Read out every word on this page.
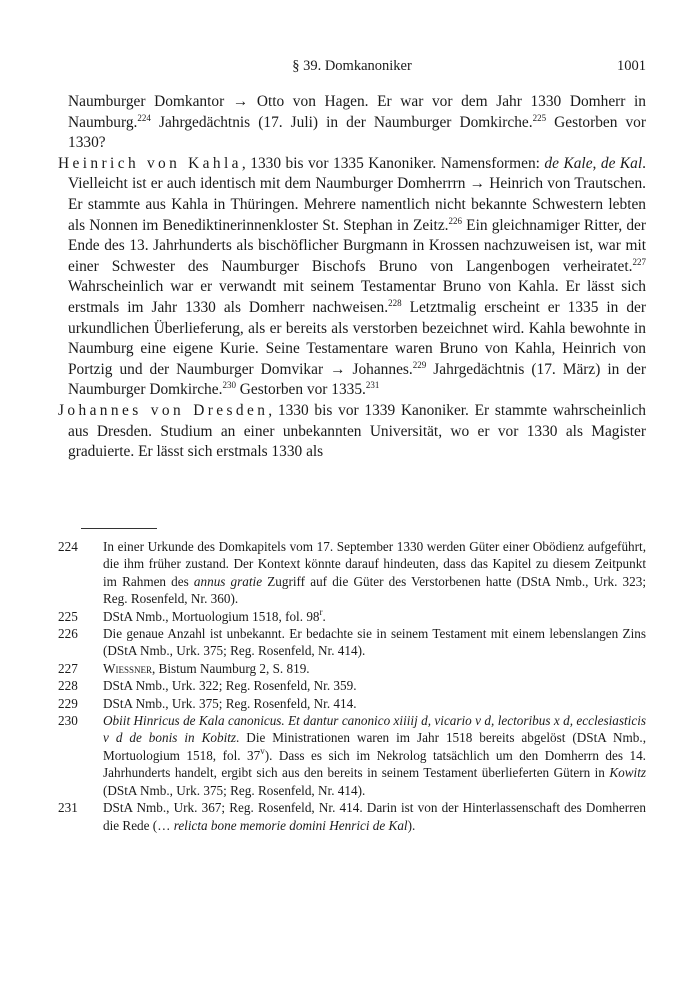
§ 39. Domkanoniker	1001

Naumburger Domkantor → Otto von Hagen. Er war vor dem Jahr 1330 Domherr in Naumburg.$^{224}$ Jahrgedächtnis (17. Juli) in der Naumburger Domkirche.$^{225}$ Gestorben vor 1330?

Heinrich von Kahla, 1330 bis vor 1335 Kanoniker. Namensformen: de Kale, de Kal. Vielleicht ist er auch identisch mit dem Naumburger Domherrrn → Heinrich von Trautschen. Er stammte aus Kahla in Thüringen. Mehrere namentlich nicht bekannte Schwestern lebten als Nonnen im Benediktinerinnenkloster St. Stephan in Zeitz.$^{226}$ Ein gleichnamiger Ritter, der Ende des 13. Jahrhunderts als bischöflicher Burgmann in Krossen nachzuweisen ist, war mit einer Schwester des Naumburger Bischofs Bruno von Langenbogen verheiratet.$^{227}$ Wahrscheinlich war er verwandt mit seinem Testamentar Bruno von Kahla. Er lässt sich erstmals im Jahr 1330 als Domherr nachweisen.$^{228}$ Letztmalig erscheint er 1335 in der urkundlichen Überlieferung, als er bereits als verstorben bezeichnet wird. Kahla bewohnte in Naumburg eine eigene Kurie. Seine Testamentare waren Bruno von Kahla, Heinrich von Portzig und der Naumburger Domvikar → Johannes.$^{229}$ Jahrgedächtnis (17. März) in der Naumburger Domkirche.$^{230}$ Gestorben vor 1335.$^{231}$

Johannes von Dresden, 1330 bis vor 1339 Kanoniker. Er stammte wahrscheinlich aus Dresden. Studium an einer unbekannten Universität, wo er vor 1330 als Magister graduierte. Er lässt sich erstmals 1330 als

224 In einer Urkunde des Domkapitels vom 17. September 1330 werden Güter einer Obödienz aufgeführt, die ihm früher zustand. Der Kontext könnte darauf hindeuten, dass das Kapitel zu diesem Zeitpunkt im Rahmen des annus gratie Zugriff auf die Güter des Verstorbenen hatte (DStA Nmb., Urk. 323; Reg. Rosenfeld, Nr. 360).
225 DStA Nmb., Mortuologium 1518, fol. 98$^r$.
226 Die genaue Anzahl ist unbekannt. Er bedachte sie in seinem Testament mit einem lebenslangen Zins (DStA Nmb., Urk. 375; Reg. Rosenfeld, Nr. 414).
227 Wiessner, Bistum Naumburg 2, S. 819.
228 DStA Nmb., Urk. 322; Reg. Rosenfeld, Nr. 359.
229 DStA Nmb., Urk. 375; Reg. Rosenfeld, Nr. 414.
230 Obiit Hinricus de Kala canonicus. Et dantur canonico xiiiij d, vicario v d, lectoribus x d, ecclesiasticis v d de bonis in Kobitz. Die Ministrationen waren im Jahr 1518 bereits abgelöst (DStA Nmb., Mortuologium 1518, fol. 37$^v$). Dass es sich im Nekrolog tatsächlich um den Domherrn des 14. Jahrhunderts handelt, ergibt sich aus den bereits in seinem Testament überlieferten Gütern in Kowitz (DStA Nmb., Urk. 375; Reg. Rosenfeld, Nr. 414).
231 DStA Nmb., Urk. 367; Reg. Rosenfeld, Nr. 414. Darin ist von der Hinterlassenschaft des Domherren die Rede (… relicta bone memorie domini Henrici de Kal).
